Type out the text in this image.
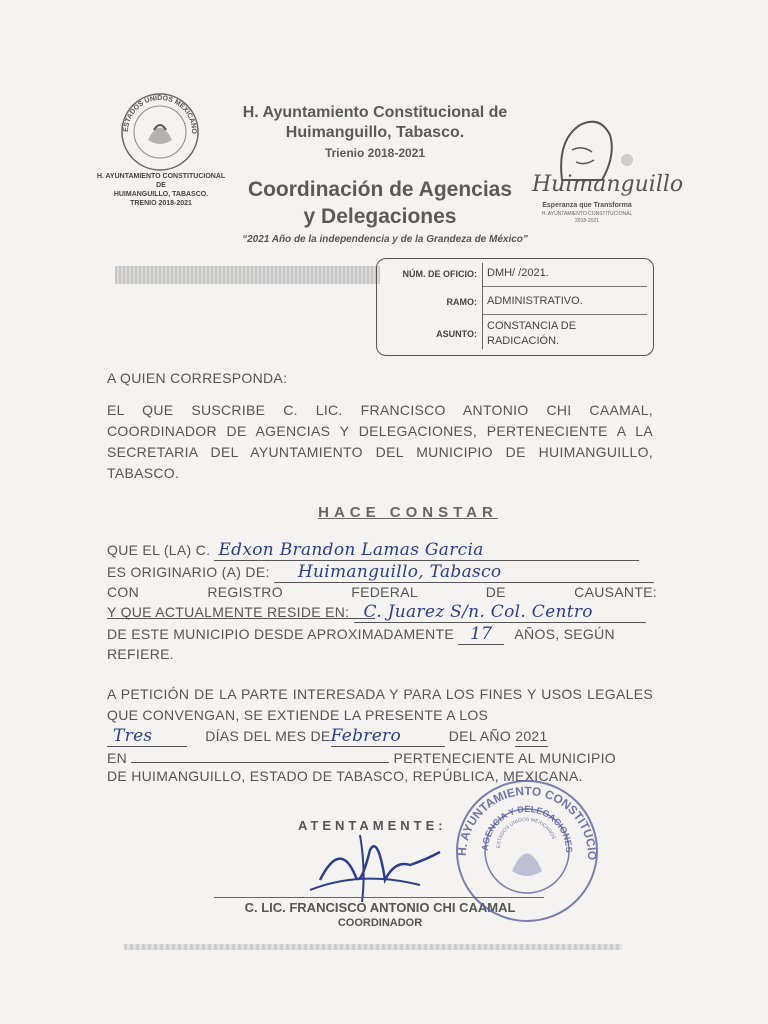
ESTADOS UNIDOS MEXICANO
H. AYUNTAMIENTO CONSTITUCIONAL
DE
HUIMANGUILLO, TABASCO.
TRENIO 2018-2021
H. Ayuntamiento Constitucional de
Huimanguillo, Tabasco.
Trienio 2018-2021
Coordinación de Agencias
y Delegaciones
“2021 Año de la independencia y de la Grandeza de México”
Huimanguillo
Esperanza que Transforma
H. AYUNTAMIENTO CONSTITUCIONAL
2018-2021
NÚM. DE OFICIO: DMH/ /2021.
RAMO: ADMINISTRATIVO.
ASUNTO:
CONSTANCIA DE RADICACIÓN.
A QUIEN CORRESPONDA:
EL QUE SUSCRIBE C. LIC. FRANCISCO ANTONIO CHI CAAMAL, COORDINADOR DE AGENCIAS Y DELEGACIONES, PERTENECIENTE A LA SECRETARIA DEL AYUNTAMIENTO DEL MUNICIPIO DE HUIMANGUILLO, TABASCO.
HACE CONSTAR
QUE EL (LA) C. Edxon Brandon Lamas Garcia
ES ORIGINARIO (A) DE: Huimanguillo, Tabasco
CON REGISTRO FEDERAL DE CAUSANTE:
Y QUE ACTUALMENTE RESIDE EN: C. Juarez S/n. Col. Centro
DE ESTE MUNICIPIO DESDE APROXIMADAMENTE 17 AÑOS, SEGÚN
REFIERE.
A PETICIÓN DE LA PARTE INTERESADA Y PARA LOS FINES Y USOS LEGALES QUE CONVENGAN, SE EXTIENDE LA PRESENTE A LOS
Tres	DÍAS DEL MES DEFebrero	DEL AÑO 2021
EN	PERTENECIENTE AL MUNICIPIO
DE HUIMANGUILLO, ESTADO DE TABASCO, REPÚBLICA, MEXICANA.
ATENTAMENTE:
C. LIC. FRANCISCO ANTONIO CHI CAAMAL
COORDINADOR
H. AYUNTAMIENTO CONSTITUCIO
AGENCIA Y DELEGACIONES
ESTADOS UNIDOS MEXICANOS
